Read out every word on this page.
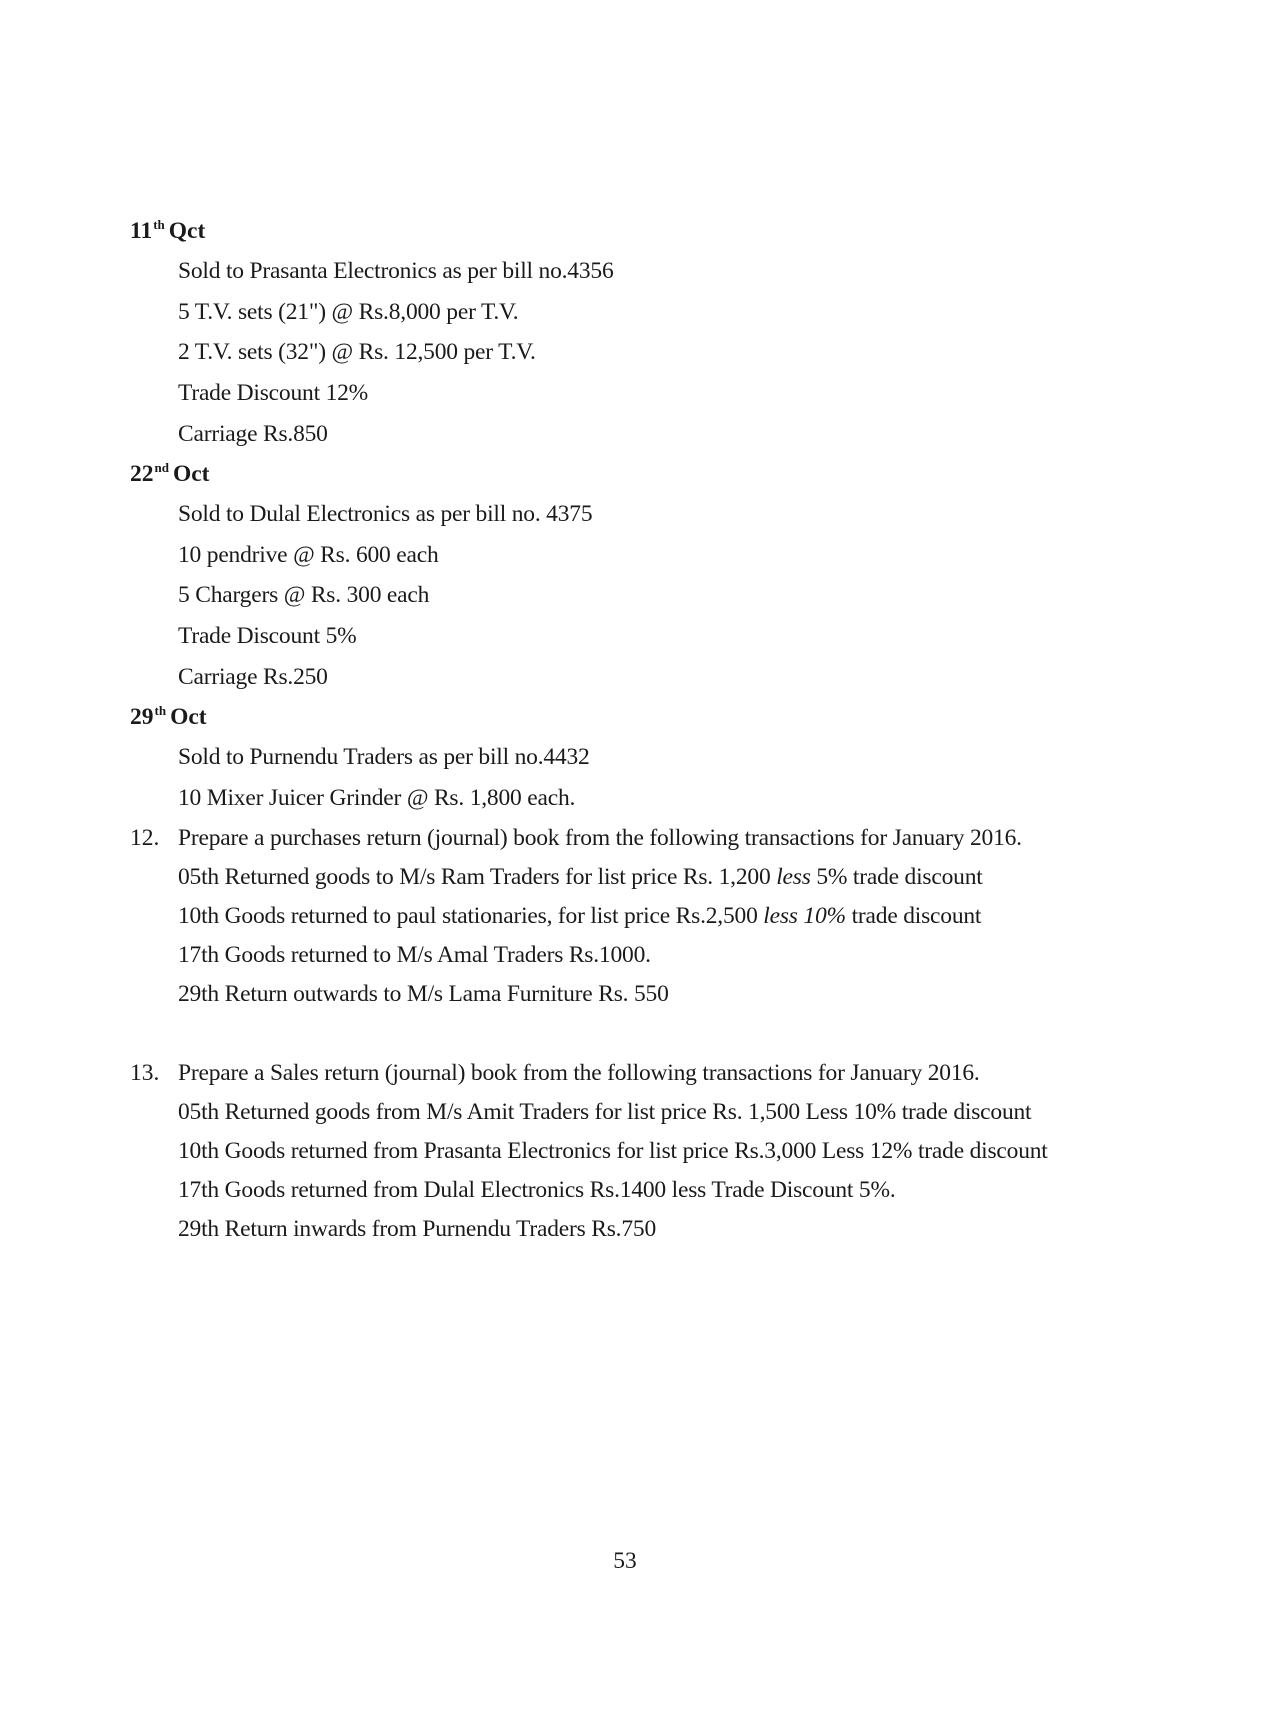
11th Qct
Sold to Prasanta Electronics as per bill no.4356
5 T.V. sets (21") @ Rs.8,000 per T.V.
2 T.V. sets (32") @ Rs. 12,500 per T.V.
Trade Discount 12%
Carriage Rs.850
22nd Oct
Sold to Dulal Electronics as per bill no. 4375
10 pendrive @ Rs. 600 each
5 Chargers @ Rs. 300 each
Trade Discount 5%
Carriage Rs.250
29th Oct
Sold to Purnendu Traders as per bill no.4432
10 Mixer Juicer Grinder @ Rs. 1,800 each.
12. Prepare a purchases return (journal) book from the following transactions for January 2016.
05th Returned goods to M/s Ram Traders for list price Rs. 1,200 less 5% trade discount
10th Goods returned to paul stationaries, for list price Rs.2,500 less 10% trade discount
17th Goods returned to M/s Amal Traders Rs.1000.
29th Return outwards to M/s Lama Furniture Rs. 550
13. Prepare a Sales return (journal) book from the following transactions for January 2016.
05th Returned goods from M/s Amit Traders for list price Rs. 1,500 Less 10% trade discount
10th Goods returned from Prasanta Electronics for list price Rs.3,000 Less 12% trade discount
17th Goods returned from Dulal Electronics Rs.1400 less Trade Discount 5%.
29th Return inwards from Purnendu Traders Rs.750
53
